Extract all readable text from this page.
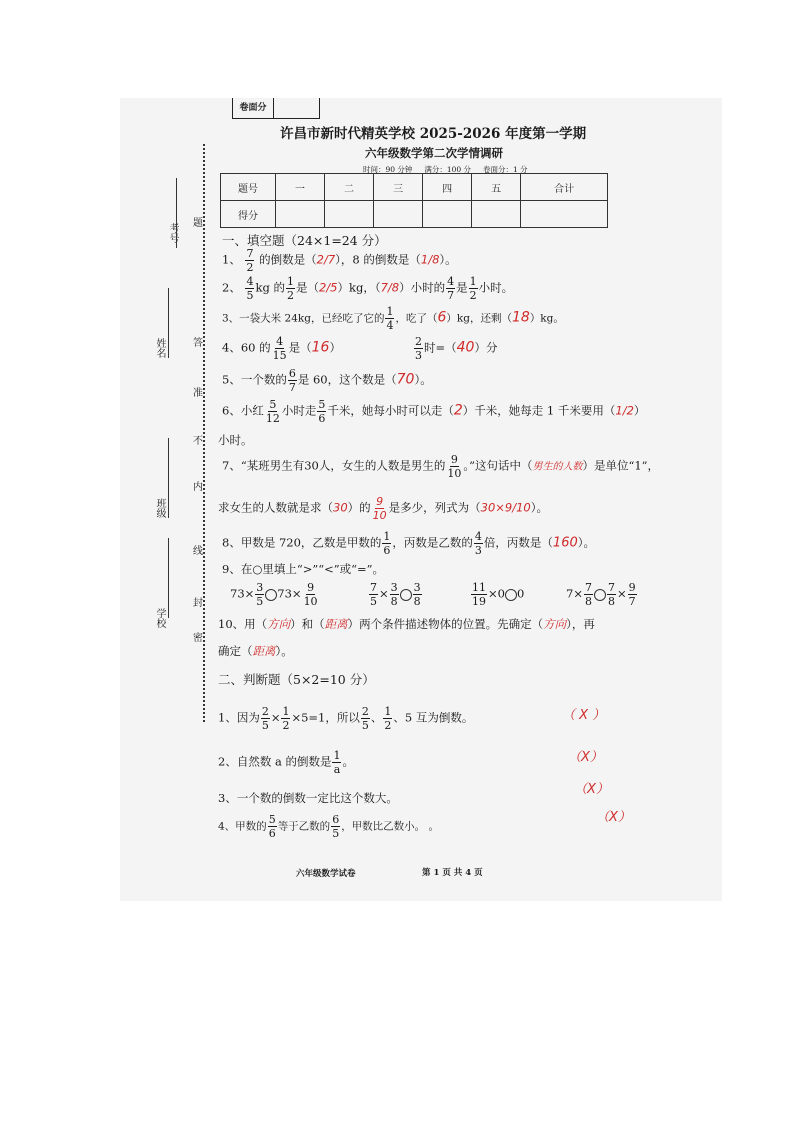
卷面分
许昌市新时代精英学校 2025-2026 年度第一学期
六年级数学第二次学情调研
时间：90 分钟     满分：100 分     卷面分：1 分
题号	一	二	三	四	五	合计
得分						
考号
姓名
班级
学校
题
答
准
不
内
线
封
密
一、填空题（24×1=24 分）
1、 $\frac{7}{2}$ 的倒数是（2/7），8 的倒数是（1/8）。
2、 $\frac{4}{5}$ kg 的 $\frac{1}{2}$ 是（2/5）kg，（7/8）小时的 $\frac{4}{7}$ 是 $\frac{1}{2}$ 小时。
3、一袋大米 24kg，已经吃了它的 $\frac{1}{4}$ ，吃了（6）kg，还剩（18）kg。
4、60 的 $\frac{4}{15}$ 是（16）	$\frac{2}{3}$ 时=（40）分
5、一个数的 $\frac{6}{7}$ 是 60，这个数是（70）。
6、小红 $\frac{5}{12}$ 小时走 $\frac{5}{6}$ 千米，她每小时可以走（2）千米，她每走 1 千米要用（1/2）
小时。
7、“某班男生有30人，女生的人数是男生的 $\frac{9}{10}$ 。”这句话中（男生的人数）是单位“1”，
求女生的人数就是求（30）的 $\frac{9}{10}$ 是多少，列式为（30×9/10）。
8、甲数是 720，乙数是甲数的 $\frac{1}{6}$ ，丙数是乙数的 $\frac{4}{3}$ 倍，丙数是（160）。
9、在○里填上“>”“<”或“=”。
$73\times \frac{3}{5} 73\times \frac{9}{10}$	$\frac{7}{5} \times \frac{3}{8} \frac{3}{8}$	$\frac{11}{19} \times 0$ 0	$7\times \frac{7}{8} \frac{7}{8} \times \frac{9}{7}$
10、用（方向）和（距离）两个条件描述物体的位置。先确定（方向），再
确定（距离）。
二、判断题（5×2=10 分）
1、因为 $\frac{2}{5} \times \frac{1}{2} \times 5=1$，所以 $\frac{2}{5}$ 、 $\frac{1}{2}$ 、5 互为倒数。	（ X ）
2、自然数 a 的倒数是 $\frac{1}{a}$ 。	（X）
3、一个数的倒数一定比这个数大。
（X）
4、甲数的 $\frac{5}{6}$ 等于乙数的 $\frac{6}{5}$ ，甲数比乙数小。 。
（X）
六年级数学试卷	第 1 页 共 4 页
